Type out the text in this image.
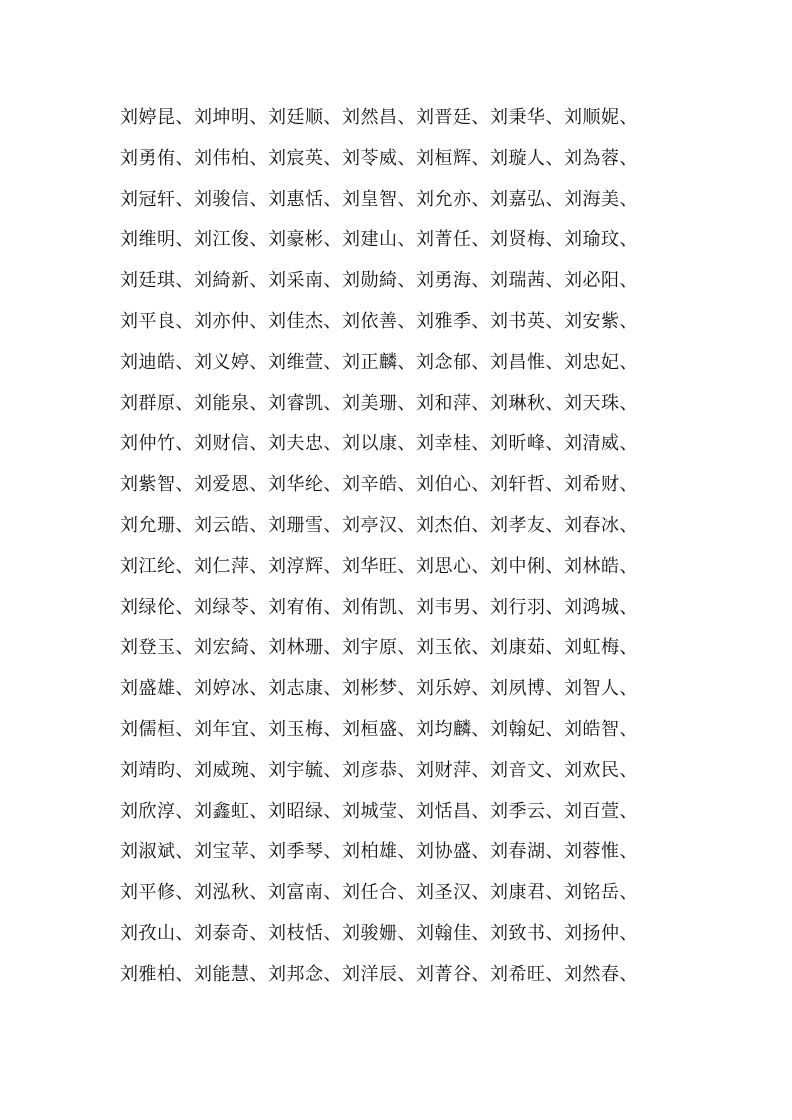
刘婷昆、刘坤明、刘廷顺、刘然昌、刘晋廷、刘秉华、刘顺妮、
刘勇侑、刘伟柏、刘宸英、刘苓威、刘桓辉、刘璇人、刘為蓉、
刘冠轩、刘骏信、刘惠恬、刘皇智、刘允亦、刘嘉弘、刘海美、
刘维明、刘江俊、刘豪彬、刘建山、刘菁任、刘贤梅、刘瑜玟、
刘廷琪、刘綺新、刘采南、刘勋綺、刘勇海、刘瑞茜、刘必阳、
刘平良、刘亦仲、刘佳杰、刘依善、刘雅季、刘书英、刘安紫、
刘迪皓、刘义婷、刘维萱、刘正麟、刘念郁、刘昌惟、刘忠妃、
刘群原、刘能泉、刘睿凯、刘美珊、刘和萍、刘琳秋、刘天珠、
刘仲竹、刘财信、刘夫忠、刘以康、刘幸桂、刘昕峰、刘清威、
刘紫智、刘爱恩、刘华纶、刘辛皓、刘伯心、刘轩哲、刘希财、
刘允珊、刘云皓、刘珊雪、刘亭汉、刘杰伯、刘孝友、刘春冰、
刘江纶、刘仁萍、刘淳辉、刘华旺、刘思心、刘中俐、刘林皓、
刘绿伦、刘绿苓、刘宥侑、刘侑凯、刘韦男、刘行羽、刘鸿城、
刘登玉、刘宏綺、刘林珊、刘宇原、刘玉依、刘康茹、刘虹梅、
刘盛雄、刘婷冰、刘志康、刘彬梦、刘乐婷、刘夙博、刘智人、
刘儒桓、刘年宜、刘玉梅、刘桓盛、刘均麟、刘翰妃、刘皓智、
刘靖昀、刘威琬、刘宇毓、刘彦恭、刘财萍、刘音文、刘欢民、
刘欣淳、刘鑫虹、刘昭绿、刘城莹、刘恬昌、刘季云、刘百萱、
刘淑斌、刘宝苹、刘季琴、刘柏雄、刘协盛、刘春湖、刘蓉惟、
刘平修、刘泓秋、刘富南、刘任合、刘圣汉、刘康君、刘铭岳、
刘孜山、刘泰奇、刘枝恬、刘骏姗、刘翰佳、刘致书、刘扬仲、
刘雅柏、刘能慧、刘邦念、刘洋辰、刘菁谷、刘希旺、刘然春、
